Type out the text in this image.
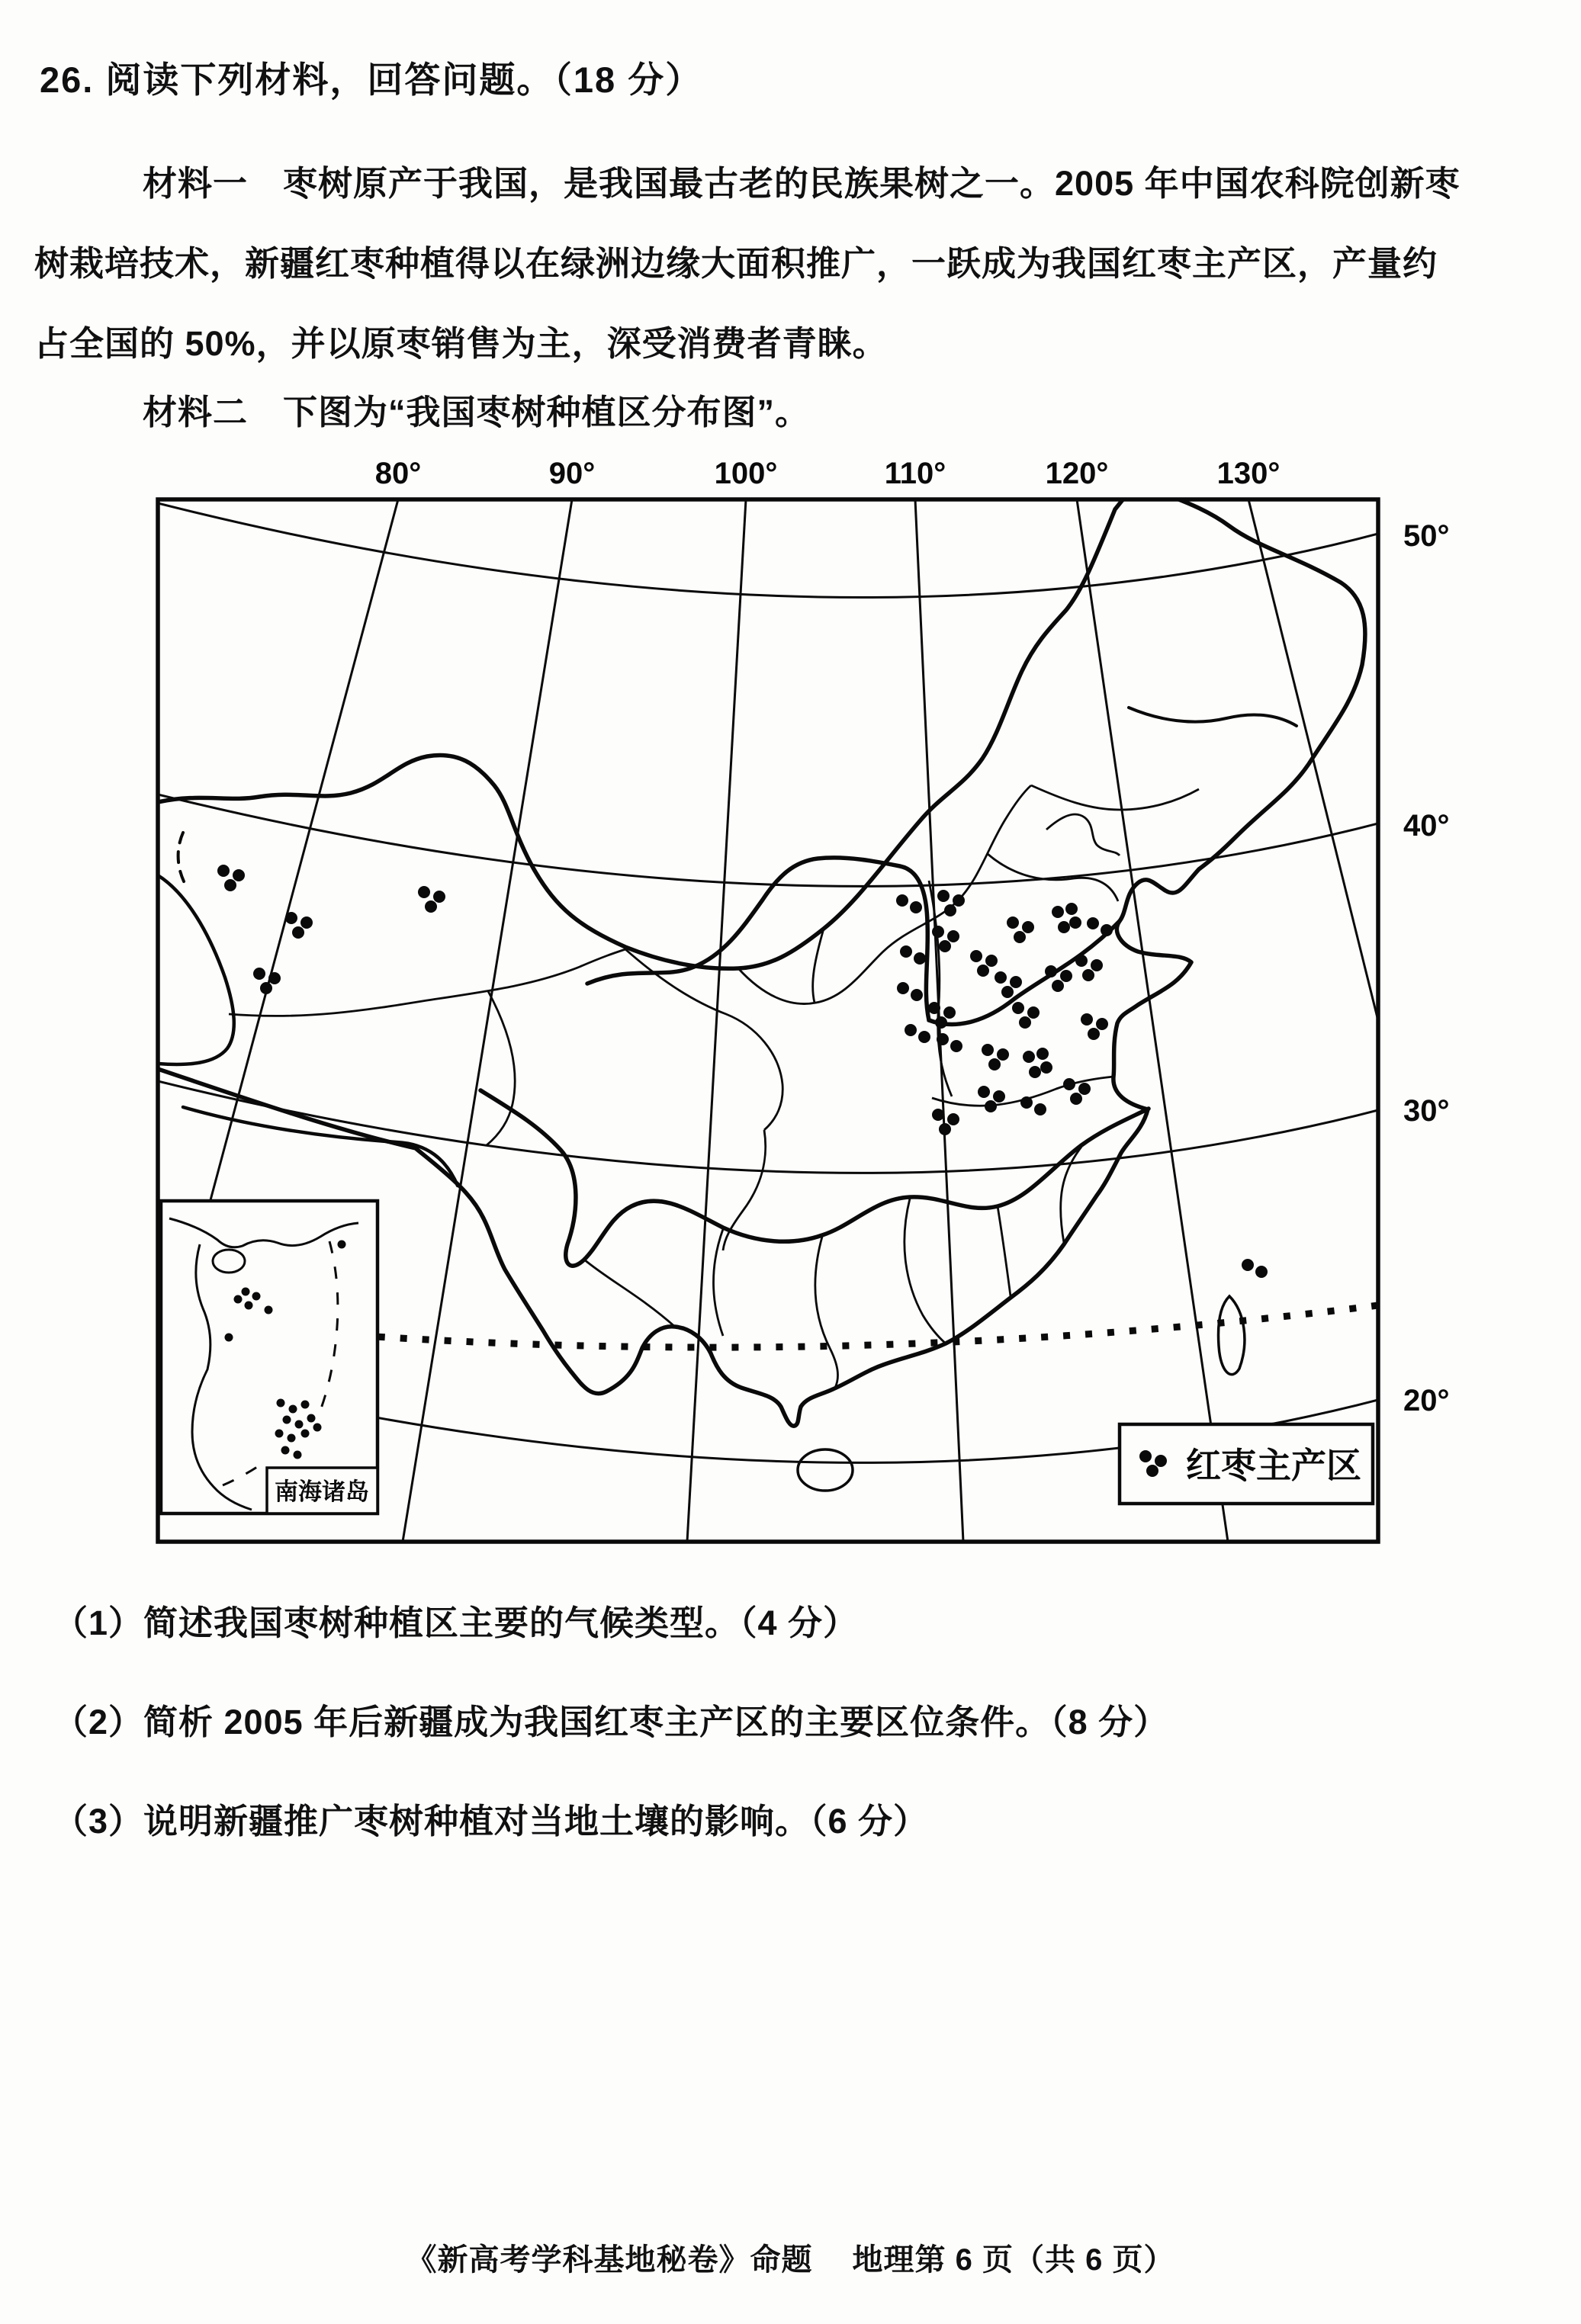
26. 阅读下列材料，回答问题。（18 分）
材料一　枣树原产于我国，是我国最古老的民族果树之一。2005 年中国农科院创新枣
树栽培技术，新疆红枣种植得以在绿洲边缘大面积推广，一跃成为我国红枣主产区，产量约
占全国的 50%，并以原枣销售为主，深受消费者青睐。
材料二　下图为“我国枣树种植区分布图”。
南海诸岛
红枣主产区
80°	90°	100°	110°	120°	130°
50°
40°
30°
20°
（1）简述我国枣树种植区主要的气候类型。（4 分）
（2）简析 2005 年后新疆成为我国红枣主产区的主要区位条件。（8 分）
（3）说明新疆推广枣树种植对当地土壤的影响。（6 分）
《新高考学科基地秘卷》命题 地理第 6 页（共 6 页）
